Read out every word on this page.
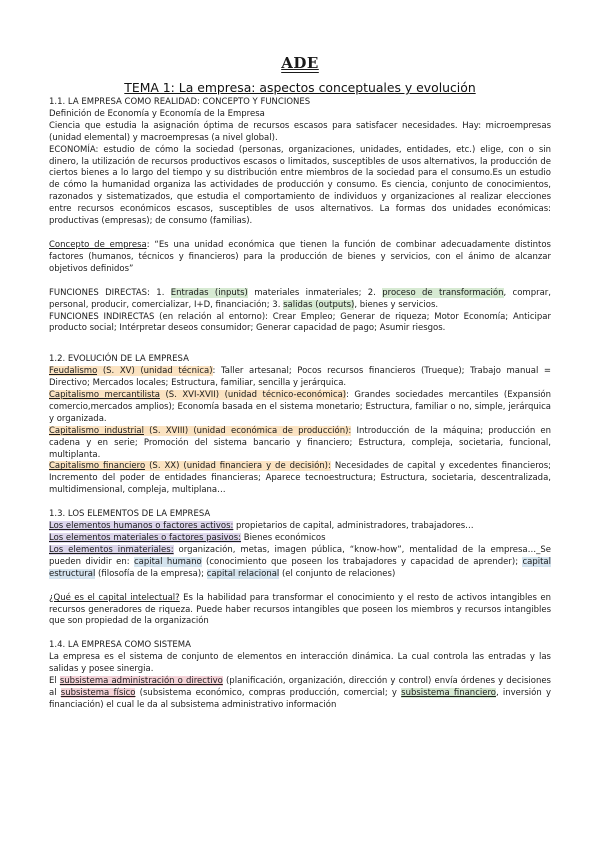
ADE
TEMA 1: La empresa: aspectos conceptuales y evolución

1.1. LA EMPRESA COMO REALIDAD: CONCEPTO Y FUNCIONES

Definición de Economía y Economía de la Empresa

Ciencia que estudia la asignación óptima de recursos escasos para satisfacer necesidades. Hay: microempresas (unidad elemental) y macroempresas (a nivel global).

ECONOMÍA: estudio de cómo la sociedad (personas, organizaciones, unidades, entidades, etc.) elige, con o sin dinero, la utilización de recursos productivos escasos o limitados, susceptibles de usos alternativos, la producción de ciertos bienes a lo largo del tiempo y su distribución entre miembros de la sociedad para el consumo.Es un estudio de cómo la humanidad organiza las actividades de producción y consumo. Es ciencia, conjunto de conocimientos, razonados y sistematizados, que estudia el comportamiento de individuos y organizaciones al realizar elecciones entre recursos económicos escasos, susceptibles de usos alternativos. La formas dos unidades económicas: productivas (empresas); de consumo (familias).

Concepto de empresa: “Es una unidad económica que tienen la función de combinar adecuadamente distintos factores (humanos, técnicos y financieros) para la producción de bienes y servicios, con el ánimo de alcanzar objetivos definidos”

FUNCIONES DIRECTAS: 1. Entradas (inputs) materiales inmateriales; 2. proceso de transformación, comprar, personal, producir, comercializar, I+D, financiación; 3. salidas (outputs), bienes y servicios.

FUNCIONES INDIRECTAS (en relación al entorno): Crear Empleo; Generar de riqueza; Motor Economía; Anticipar producto social; Intérpretar deseos consumidor; Generar capacidad de pago; Asumir riesgos.

1.2. EVOLUCIÓN DE LA EMPRESA

Feudalismo (S. XV) (unidad técnica): Taller artesanal; Pocos recursos financieros (Trueque); Trabajo manual = Directivo; Mercados locales; Estructura, familiar, sencilla y jerárquica.

Capitalismo mercantilista (S. XVI-XVII) (unidad técnico-económica): Grandes sociedades mercantiles (Expansión comercio,mercados amplios); Economía basada en el sistema monetario; Estructura, familiar o no, simple, jerárquica y organizada.

Capitalismo industrial (S. XVIII) (unidad económica de producción): Introducción de la máquina; producción en cadena y en serie; Promoción del sistema bancario y financiero; Estructura, compleja, societaria, funcional, multiplanta.

Capitalismo financiero (S. XX) (unidad financiera y de decisión): Necesidades de capital y excedentes financieros; Incremento del poder de entidades financieras; Aparece tecnoestructura; Estructura, societaria, descentralizada, multidimensional, compleja, multiplana…

1.3. LOS ELEMENTOS DE LA EMPRESA

Los elementos humanos o factores activos: propietarios de capital, administradores, trabajadores…

Los elementos materiales o factores pasivos: Bienes económicos

Los elementos inmateriales: organización, metas, imagen pública, “know-how”, mentalidad de la empresa…_Se pueden dividir en: capital humano (conocimiento que poseen los trabajadores y capacidad de aprender); capital estructural (filosofía de la empresa); capital relacional (el conjunto de relaciones)

¿Qué es el capital intelectual? Es la habilidad para transformar el conocimiento y el resto de activos intangibles en recursos generadores de riqueza. Puede haber recursos intangibles que poseen los miembros y recursos intangibles que son propiedad de la organización

1.4. LA EMPRESA COMO SISTEMA

La empresa es el sistema de conjunto de elementos en interacción dinámica. La cual controla las entradas y las salidas y posee sinergia.

El subsistema administración o directivo (planificación, organización, dirección y control) envía órdenes y decisiones al subsistema físico (subsistema económico, compras producción, comercial; y subsistema financiero, inversión y financiación) el cual le da al subsistema administrativo información
